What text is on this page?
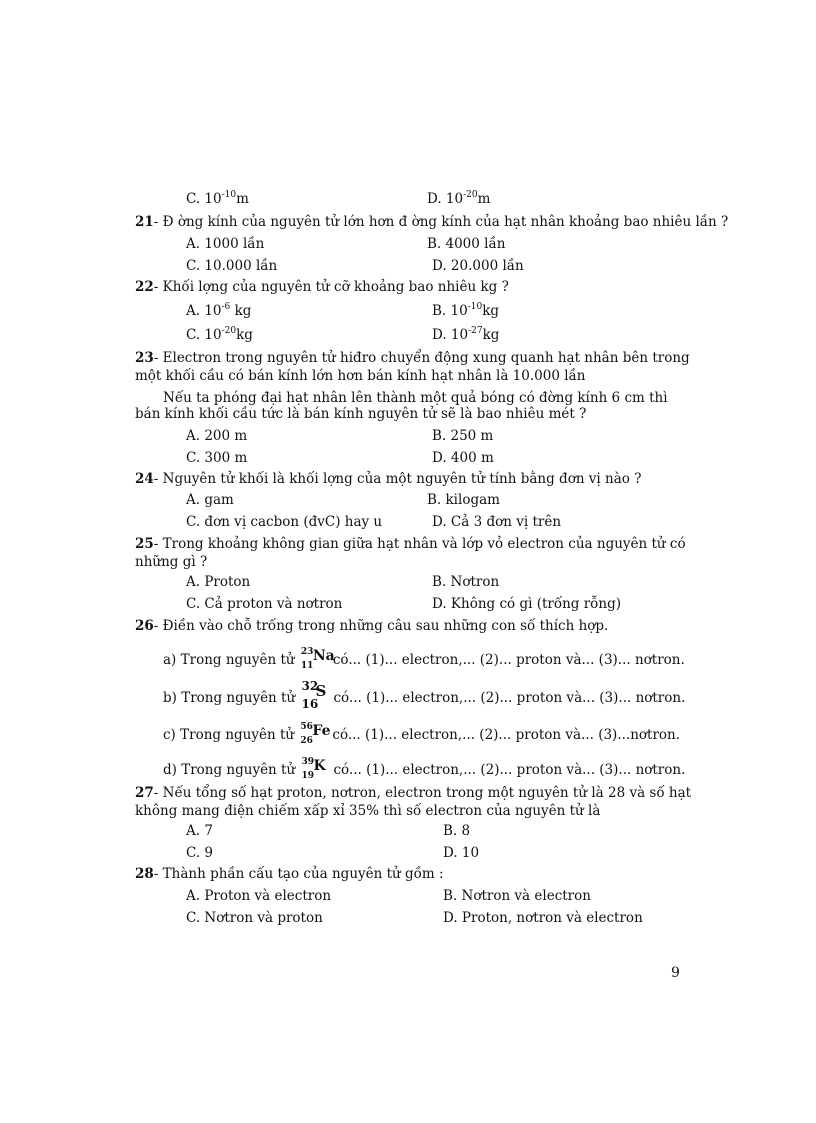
C. $10^{-10}m$	D. $10^{-20}m$
21- Đ ờng kính của nguyên tử lớn hơn đ ờng kính của hạt nhân khoảng bao nhiêu lần ?
A. 1000 lần	B. 4000 lần
C. 10.000 lần	D. 20.000 lần
22- Khối lợng của nguyên tử cỡ khoảng bao nhiêu kg ?
A. $10^{-6}$ kg	B. $10^{-10}kg$
C. $10^{-20}kg$	D. $10^{-27}kg$
23- Electron trong nguyên tử hiđro chuyển động xung quanh hạt nhân bên trong
một khối cầu có bán kính lớn hơn bán kính hạt nhân là 10.000 lần
Nếu ta phóng đại hạt nhân lên thành một quả bóng có đờng kính 6 cm thì
bán kính khối cầu tức là bán kính nguyên tử sẽ là bao nhiêu mét ?
A. 200 m	B. 250 m
C. 300 m	D. 400 m
24- Nguyên tử khối là khối lợng của một nguyên tử tính bằng đơn vị nào ?
A. gam	B. kilogam
C. đơn vị cacbon (đvC) hay u	D. Cả 3 đơn vị trên
25- Trong khoảng không gian giữa hạt nhân và lớp vỏ electron của nguyên tử có
những gì ?
A. Proton	B. Nơtron
C. Cả proton và nơtron	D. Không có gì (trống rỗng)
26- Điền vào chỗ trống trong những câu sau những con số thích hợp.
a) Trong nguyên tử 23
11
Na
có... (1)... electron,... (2)... proton và... (3)... nơtron.
b) Trong nguyên tử
32
16
S có... (1)... electron,... (2)... proton và... (3)... nơtron.
c) Trong nguyên tử 56
26
Fe có... (1)... electron,... (2)... proton và... (3)...nơtron.
d) Trong nguyên tử 39
19
K có... (1)... electron,... (2)... proton và... (3)... nơtron.
27- Nếu tổng số hạt proton, nơtron, electron trong một nguyên tử là 28 và số hạt
không mang điện chiếm xấp xỉ 35% thì số electron của nguyên tử là
A. 7	B. 8
C. 9	D. 10
28- Thành phần cấu tạo của nguyên tử gồm :
A. Proton và electron	B. Nơtron và electron
C. Nơtron và proton	D. Proton, nơtron và electron
9
